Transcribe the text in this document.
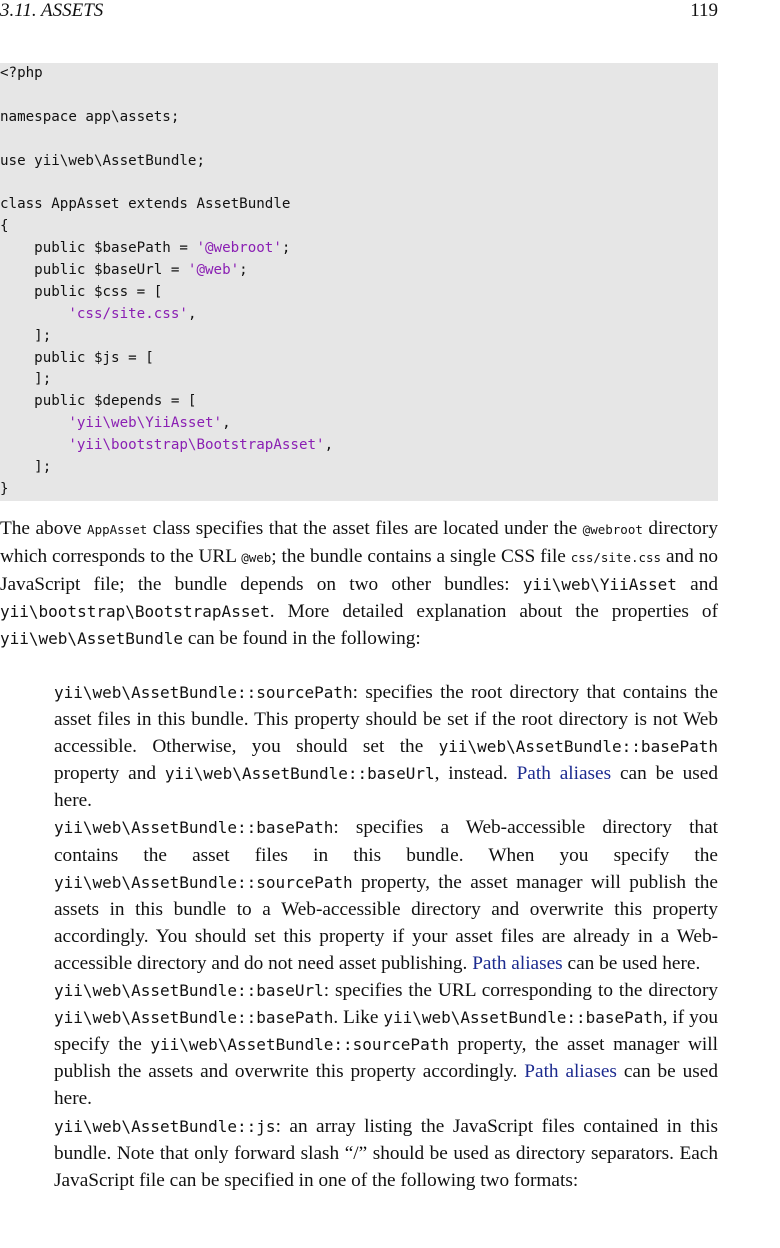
3.11. ASSETS	119
<?php
namespace app\assets;
use yii\web\AssetBundle;
class AppAsset extends AssetBundle
{
public $basePath = '@webroot';
public $baseUrl = '@web';
public $css = [
'css/site.css',
];
public $js = [
];
public $depends = [
'yii\web\YiiAsset',
'yii\bootstrap\BootstrapAsset',
];
}

The above AppAsset class specifies that the asset files are located under the @webroot directory which corresponds to the URL @web; the bundle contains a single CSS file css/site.css and no JavaScript file; the bundle depends on two other bundles: yii\web\YiiAsset and yii\bootstrap\BootstrapAsset. More detailed explanation about the properties of yii\web\AssetBundle can be found in the following:

yii\web\AssetBundle::sourcePath: specifies the root directory that contains the asset files in this bundle. This property should be set if the root directory is not Web accessible. Otherwise, you should set the yii\web\AssetBundle::basePath property and yii\web\AssetBundle::baseUrl, instead. Path aliases can be used here.

yii\web\AssetBundle::basePath: specifies a Web-accessible directory that contains the asset files in this bundle. When you specify the yii\web\AssetBundle::sourcePath property, the asset manager will publish the assets in this bundle to a Web-accessible directory and overwrite this property accordingly. You should set this property if your asset files are already in a Web-accessible directory and do not need asset publishing. Path aliases can be used here.

yii\web\AssetBundle::baseUrl: specifies the URL corresponding to the directory yii\web\AssetBundle::basePath. Like yii\web\AssetBundle::basePath, if you specify the yii\web\AssetBundle::sourcePath property, the asset manager will publish the assets and overwrite this property accordingly. Path aliases can be used here.

yii\web\AssetBundle::js: an array listing the JavaScript files contained in this bundle. Note that only forward slash “/” should be used as directory separators. Each JavaScript file can be specified in one of the following two formats:
